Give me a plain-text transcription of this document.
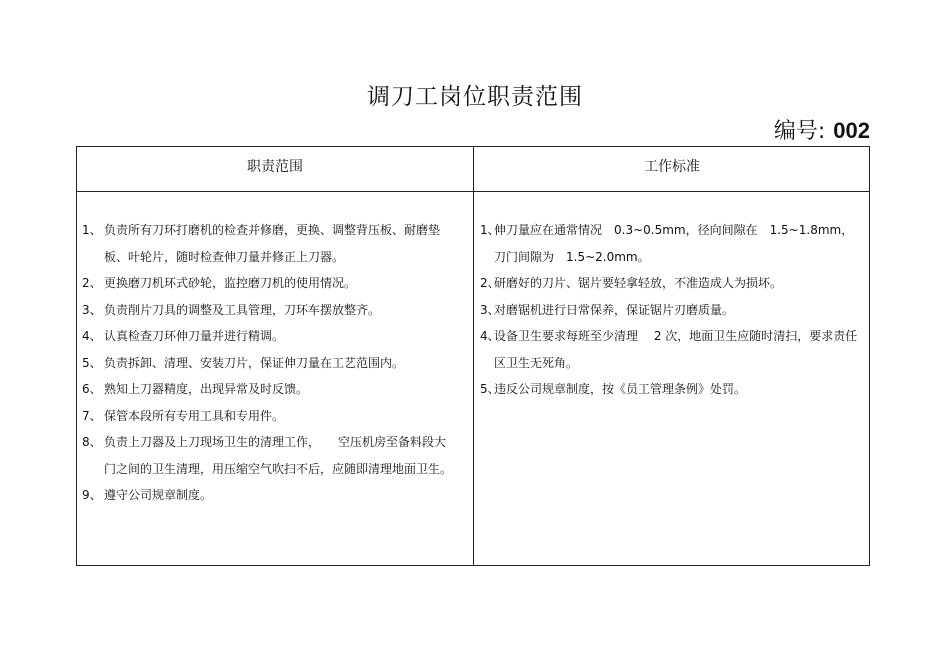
调刀工岗位职责范围
编号: 002
职责范围	工作标准
1、 负责所有刀环打磨机的检查并修磨，更换、调整背压板、耐磨垫板、叶轮片，随时检查伸刀量并修正上刀器。
2、 更换磨刀机环式砂轮，监控磨刀机的使用情况。
3、 负责削片刀具的调整及工具管理，刀环车摆放整齐。
4、 认真检查刀环伸刀量并进行精调。
5、 负责拆卸、清理、安装刀片，保证伸刀量在工艺范围内。
6、 熟知上刀器精度，出现异常及时反馈。
7、 保管本段所有专用工具和专用件。
8、 负责上刀器及上刀现场卫生的清理工作，　　空压机房至备料段大门之间的卫生清理，用压缩空气吹扫不后，应随即清理地面卫生。
9、 遵守公司规章制度。
1、
伸刀量应在通常情况　0.3~0.5mm，径向间隙在　1.5~1.8mm，刀门间隙为　1.5~2.0mm。
2、
研磨好的刀片、锯片要轻拿轻放，不准造成人为损坏。
3、
对磨锯机进行日常保养，保证锯片刃磨质量。
4、
设备卫生要求每班至少清理　 2 次，地面卫生应随时清扫，要求责任区卫生无死角。
5、
违反公司规章制度，按《员工管理条例》处罚。
